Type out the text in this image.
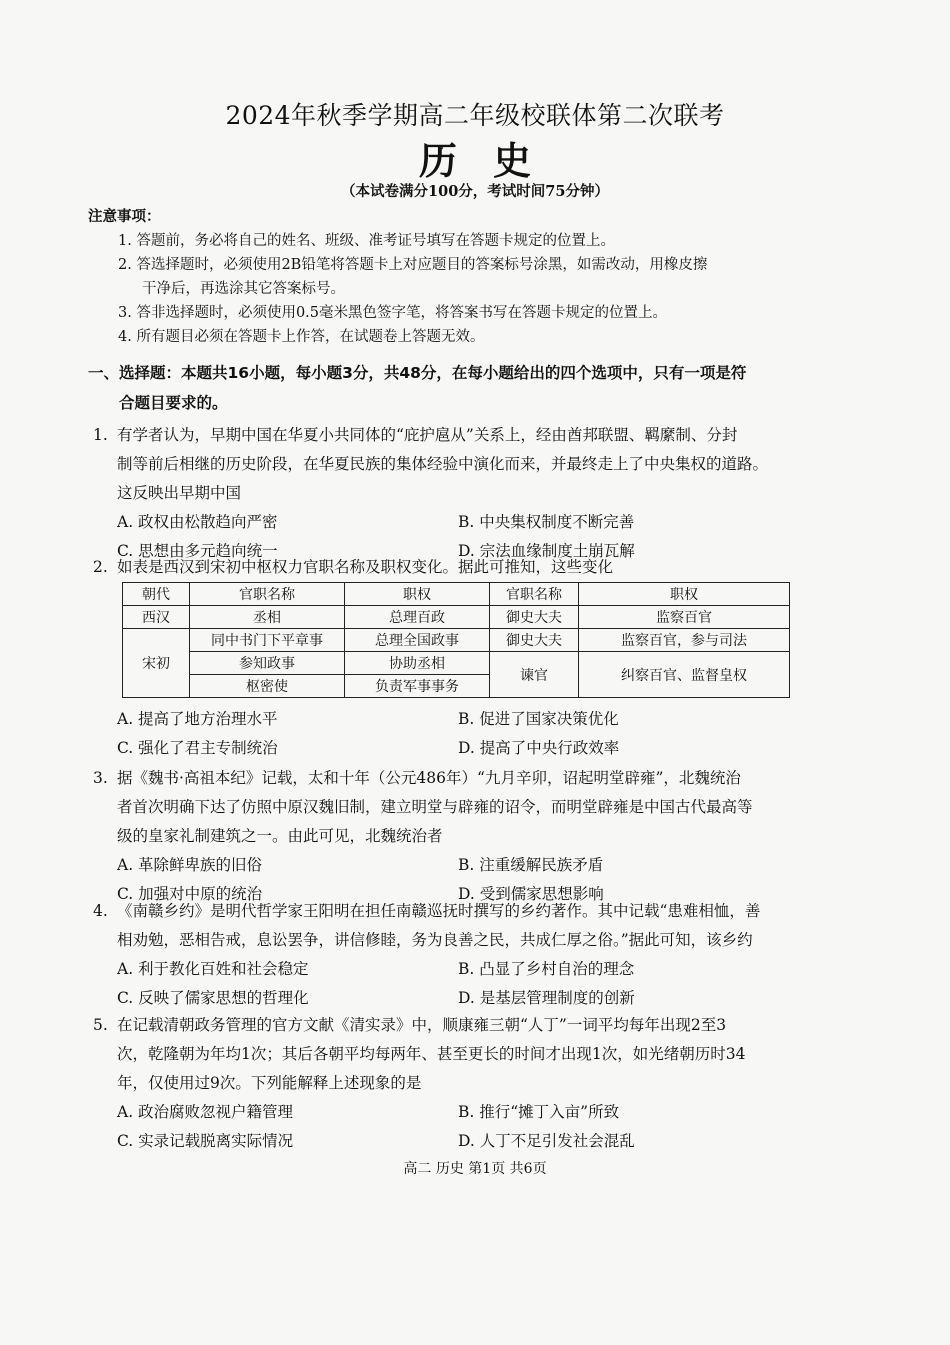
2024年秋季学期高二年级校联体第二次联考
历史
（本试卷满分100分，考试时间75分钟）
注意事项：
1. 答题前，务必将自己的姓名、班级、准考证号填写在答题卡规定的位置上。
2. 答选择题时，必须使用2B铅笔将答题卡上对应题目的答案标号涂黑，如需改动，用橡皮擦
干净后，再选涂其它答案标号。
3. 答非选择题时，必须使用0.5毫米黑色签字笔，将答案书写在答题卡规定的位置上。
4. 所有题目必须在答题卡上作答，在试题卷上答题无效。
一、选择题：本题共16小题，每小题3分，共48分，在每小题给出的四个选项中，只有一项是符
合题目要求的。
1. 有学者认为，早期中国在华夏小共同体的“庇护扈从”关系上，经由酋邦联盟、羁縻制、分封
制等前后相继的历史阶段，在华夏民族的集体经验中演化而来，并最终走上了中央集权的道路。
这反映出早期中国
A. 政权由松散趋向严密	B. 中央集权制度不断完善
C. 思想由多元趋向统一	D. 宗法血缘制度土崩瓦解
2. 如表是西汉到宋初中枢权力官职名称及职权变化。据此可推知，这些变化
朝代	官职名称	职权	官职名称	职权
西汉	丞相	总理百政	御史大夫	监察百官
宋初	同中书门下平章事	总理全国政事	御史大夫	监察百官，参与司法
	参知政事	协助丞相	谏官	纠察百官、监督皇权
	枢密使	负责军事事务		
A. 提高了地方治理水平	B. 促进了国家决策优化
C. 强化了君主专制统治	D. 提高了中央行政效率
3. 据《魏书·高祖本纪》记载，太和十年（公元486年）“九月辛卯，诏起明堂辟雍”，北魏统治
者首次明确下达了仿照中原汉魏旧制，建立明堂与辟雍的诏令，而明堂辟雍是中国古代最高等
级的皇家礼制建筑之一。由此可见，北魏统治者
A. 革除鲜卑族的旧俗	B. 注重缓解民族矛盾
C. 加强对中原的统治	D. 受到儒家思想影响
4. 《南赣乡约》是明代哲学家王阳明在担任南赣巡抚时撰写的乡约著作。其中记载“患难相恤，善
相劝勉，恶相告戒，息讼罢争，讲信修睦，务为良善之民，共成仁厚之俗。”据此可知，该乡约
A. 利于教化百姓和社会稳定	B. 凸显了乡村自治的理念
C. 反映了儒家思想的哲理化	D. 是基层管理制度的创新
5. 在记载清朝政务管理的官方文献《清实录》中，顺康雍三朝“人丁”一词平均每年出现2至3
次，乾隆朝为年均1次；其后各朝平均每两年、甚至更长的时间才出现1次，如光绪朝历时34
年，仅使用过9次。下列能解释上述现象的是
A. 政治腐败忽视户籍管理	B. 推行“摊丁入亩”所致
C. 实录记载脱离实际情况	D. 人丁不足引发社会混乱
高二 历史 第1页 共6页
